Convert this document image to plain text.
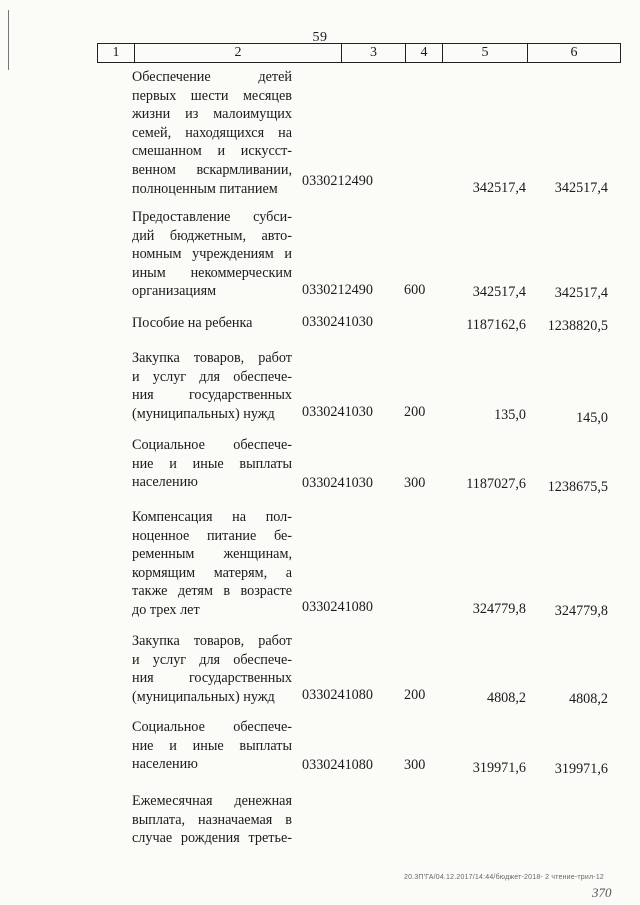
59
1	2	3	4	5	6
Обеспечение детей
первых шести месяцев
жизни из малоимущих
семей, находящихся на
смешанном и искусст-
венном вскармливании,
полноценным питанием	0330212490	342517,4 342517,4
Предоставление субси-
дий бюджетным, авто-
номным учреждениям и
иным некоммерческим
организациям	0330212490 600	342517,4 342517,4
Пособие на ребенка	0330241030	1187162,6 1238820,5
Закупка товаров, работ
и услуг для обеспече-
ния государственных
(муниципальных) нужд	0330241030 200	135,0	145,0
Социальное обеспече-
ние и иные выплаты
населению	0330241030 300	1187027,6 1238675,5
Компенсация на пол-
ноценное питание бе-
ременным женщинам,
кормящим матерям, а
также детям в возрасте
до трех лет	0330241080	324779,8 324779,8
Закупка товаров, работ
и услуг для обеспече-
ния государственных
(муниципальных) нужд	0330241080 200	4808,2	4808,2
Социальное обеспече-
ние и иные выплаты
населению	0330241080 300	319971,6 319971,6
Ежемесячная денежная
выплата, назначаемая в
случае рождения третье-
20.3П'ГА/04.12.2017/14:44/бюджет-2018- 2 чтение-трил-12
370
